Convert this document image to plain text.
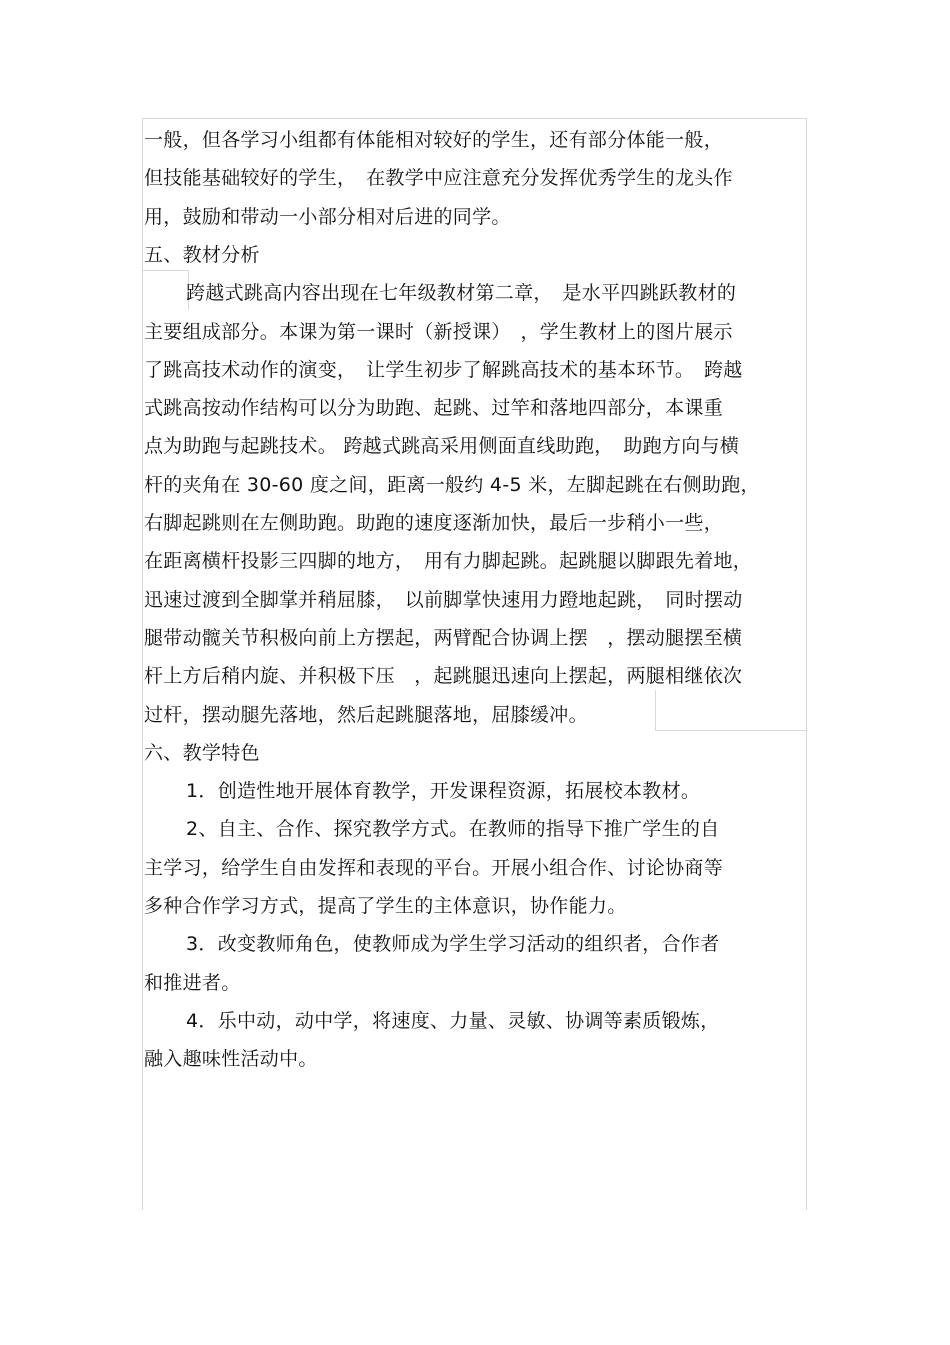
一般，但各学习小组都有体能相对较好的学生，还有部分体能一般，
但技能基础较好的学生，　在教学中应注意充分发挥优秀学生的龙头作
用，鼓励和带动一小部分相对后进的同学。
五、教材分析
跨越式跳高内容出现在七年级教材第二章，　是水平四跳跃教材的
主要组成部分。本课为第一课时（新授课）　，学生教材上的图片展示
了跳高技术动作的演变，　让学生初步了解跳高技术的基本环节。　跨越
式跳高按动作结构可以分为助跑、起跳、过竿和落地四部分，本课重
点为助跑与起跳技术。 跨越式跳高采用侧面直线助跑，　助跑方向与横
杆的夹角在 30-60 度之间，距离一般约 4-5 米，左脚起跳在右侧助跑，
右脚起跳则在左侧助跑。助跑的速度逐渐加快，最后一步稍小一些，
在距离横杆投影三四脚的地方，　用有力脚起跳。起跳腿以脚跟先着地，
迅速过渡到全脚掌并稍屈膝，　以前脚掌快速用力蹬地起跳，　同时摆动
腿带动髋关节积极向前上方摆起，两臂配合协调上摆　，摆动腿摆至横
杆上方后稍内旋、并积极下压　，起跳腿迅速向上摆起，两腿相继依次
过杆，摆动腿先落地，然后起跳腿落地，屈膝缓冲。
六、教学特色
1．创造性地开展体育教学，开发课程资源，拓展校本教材。
2、自主、合作、探究教学方式。在教师的指导下推广学生的自
主学习，给学生自由发挥和表现的平台。开展小组合作、讨论协商等
多种合作学习方式，提高了学生的主体意识，协作能力。
3．改变教师角色，使教师成为学生学习活动的组织者，合作者
和推进者。
4．乐中动，动中学，将速度、力量、灵敏、协调等素质锻炼，
融入趣味性活动中。
